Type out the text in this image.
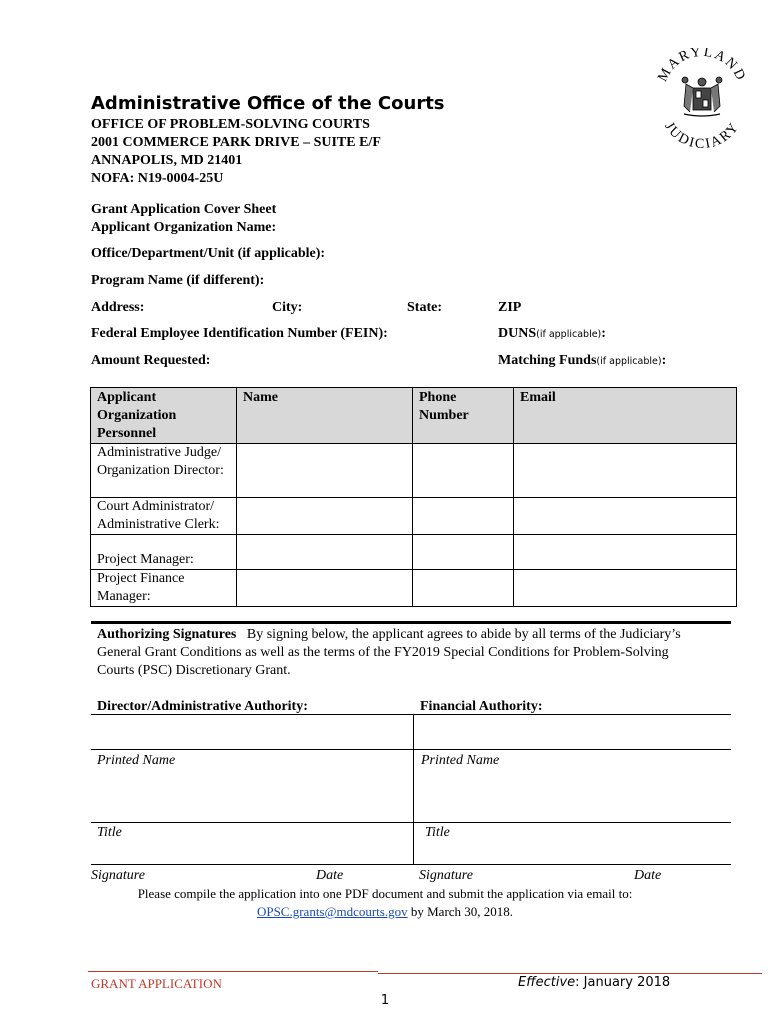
MARYLAND
JUDICIARY
Administrative Office of the Courts
OFFICE OF PROBLEM-SOLVING COURTS
2001 COMMERCE PARK DRIVE – SUITE E/F
ANNAPOLIS, MD 21401
NOFA: N19-0004-25U
Grant Application Cover Sheet
Applicant Organization Name:
Office/Department/Unit (if applicable):
Program Name (if different):
Address:	City:	State:	ZIP
Federal Employee Identification Number (FEIN):	DUNS(if applicable):
Amount Requested:	Matching Funds(if applicable):
Applicant Organization Personnel	Name	Phone Number	Email
Administrative Judge/ Organization Director:			
Court Administrator/ Administrative Clerk:			
Project Manager:			
Project Finance Manager:			
Authorizing Signatures By signing below, the applicant agrees to abide by all terms of the Judiciary’s General Grant Conditions as well as the terms of the FY2019 Special Conditions for Problem-Solving Courts (PSC) Discretionary Grant.
Director/Administrative Authority:	Financial Authority:
Printed Name	Printed Name
Title	Title
Signature	Date	Signature	Date
Please compile the application into one PDF document and submit the application via email to:
OPSC.grants@mdcourts.gov by March 30, 2018.
GRANT APPLICATION	Effective: January 2018
1
